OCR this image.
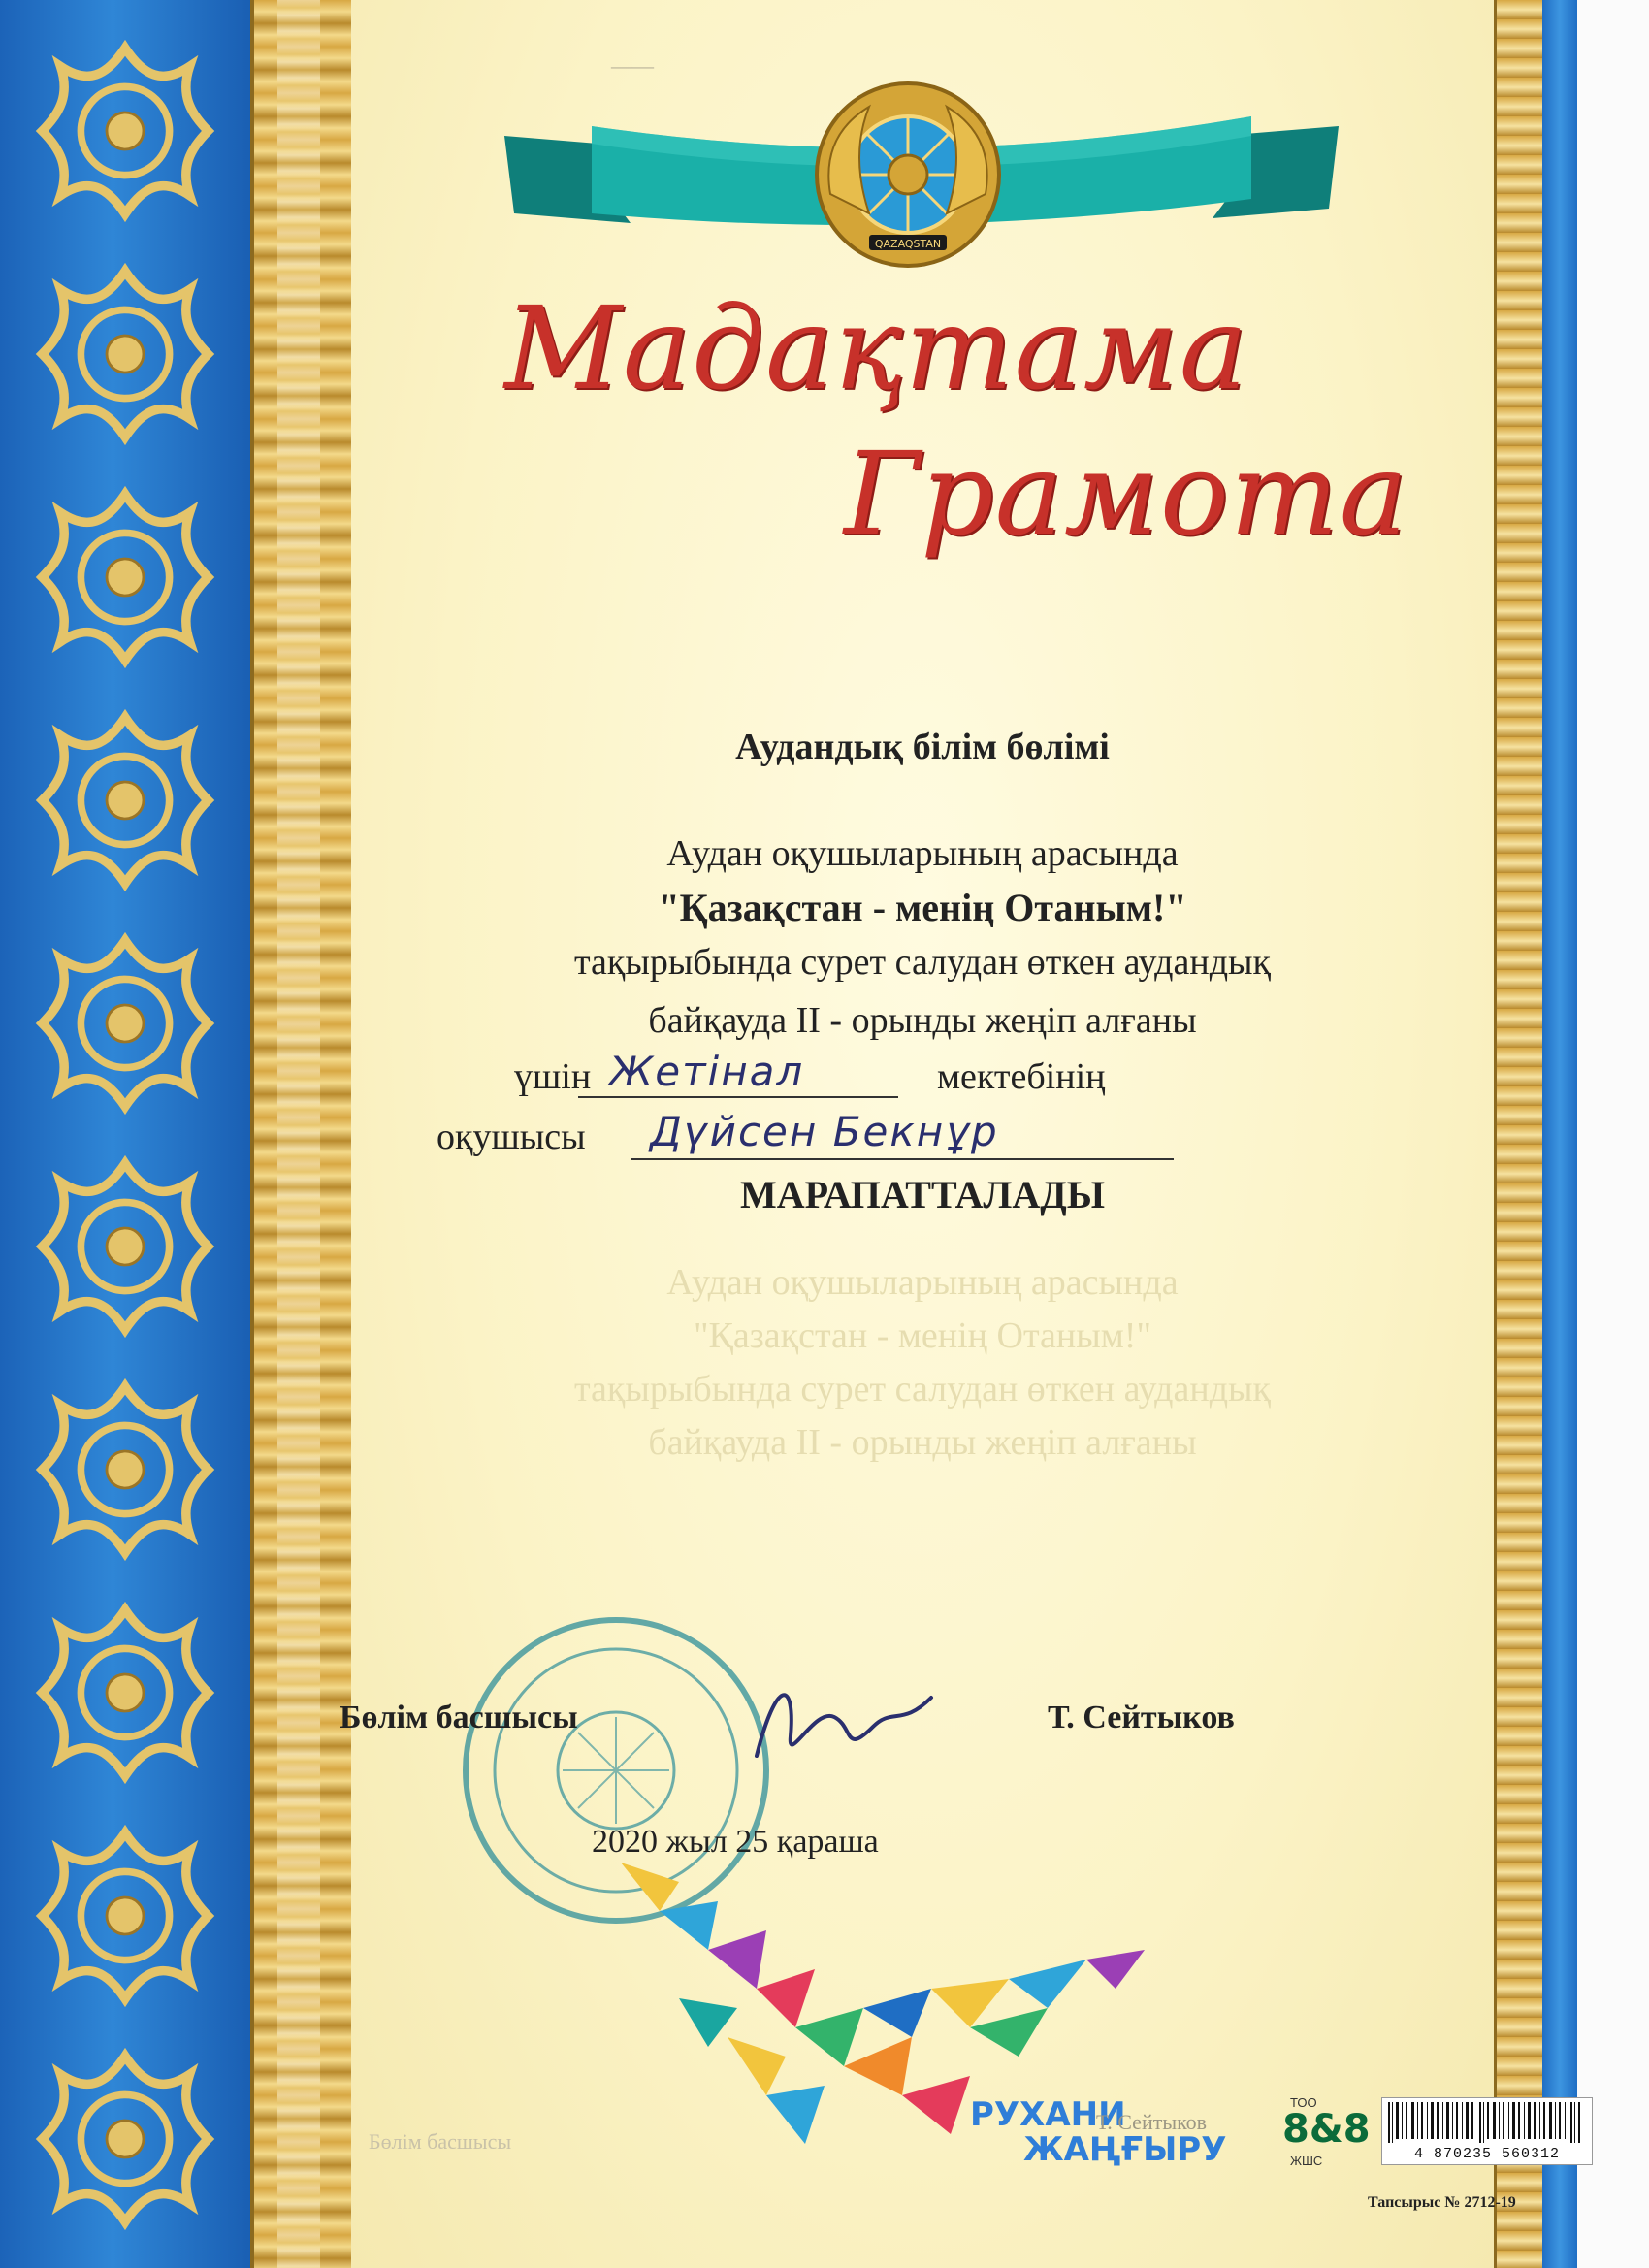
——
QAZAQSTAN
Мадақтама
Грамота
Аудандық білім бөлімі
Аудан оқушыларының арасында
"Қазақстан - менің Отаным!"
тақырыбында сурет салудан өткен аудандық
байқауда ІІ - орынды жеңіп алғаны
үшін Жетінал	мектебінің
оқушысы Дүйсен Бекнұр
МАРАПАТТАЛАДЫ
Аудан оқушыларының арасында
"Қазақстан - менің Отаным!"
тақырыбында сурет салудан өткен аудандық
байқауда ІІ - орынды жеңіп алғаны
Бөлім басшысы	Т. Сейтыков
2020 жыл 25 қараша
РУХАНИ
ЖАҢҒЫРУ
Бөлім басшысы
Т. Сейтыков
ТОО
8&8
ЖШС	4 870235 560312
Тапсырыс № 2712-19
